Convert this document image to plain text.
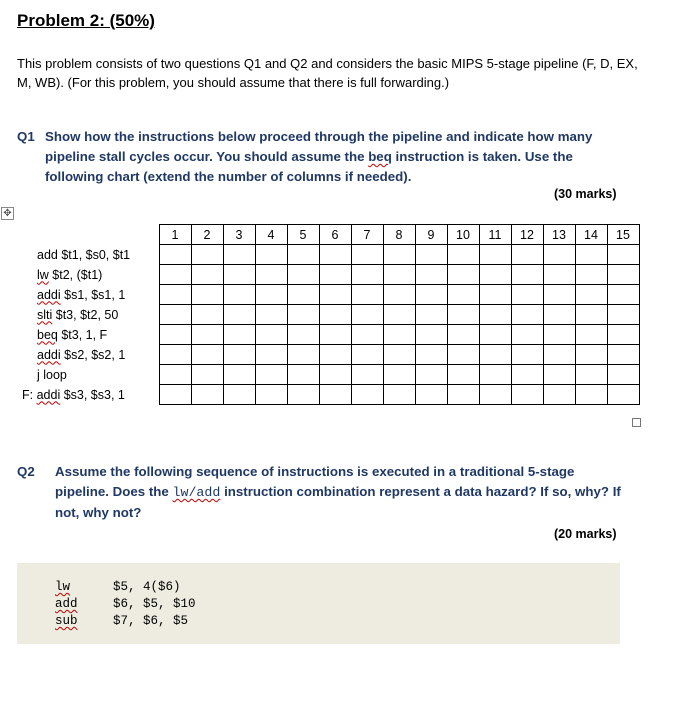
Problem 2: (50%)
This problem consists of two questions Q1 and Q2 and considers the basic MIPS 5-stage pipeline (F, D, EX, M, WB). (For this problem, you should assume that there is full forwarding.)
Q1 Show how the instructions below proceed through the pipeline and indicate how many pipeline stall cycles occur. You should assume the beq instruction is taken. Use the following chart (extend the number of columns if needed).
(30 marks)
✥
	1	2	3	4	5	6	7	8	9	10	11	12	13	14	15
add $t1, $s0, $t1															
lw $t2, ($t1)															
addi $s1, $s1, 1															
slti $t3, $t2, 50															
beq $t3, 1, F															
addi $s2, $s2, 1															
j loop															
F: addi $s3, $s3, 1															
Q2 Assume the following sequence of instructions is executed in a traditional 5-stage pipeline. Does the lw/add instruction combination represent a data hazard? If so, why? If not, why not?
(20 marks)
lw	$5, 4($6)
add	$6, $5, $10
sub	$7, $6, $5
